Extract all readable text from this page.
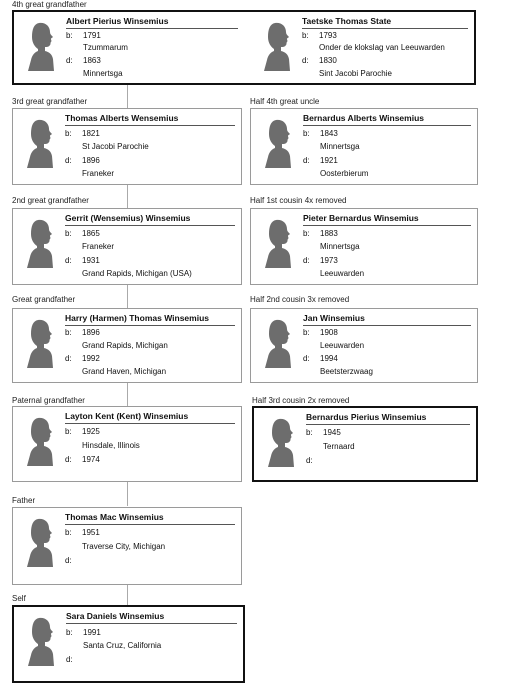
4th great grandfather
Albert Pierius Winsemius
b: 1791
Tzummarum
d: 1863
Minnertsga
Taetske Thomas State
b: 1793
Onder de klokslag van Leeuwarden
d: 1830
Sint Jacobi Parochie
3rd great grandfather
Thomas Alberts Wensemius
b: 1821
St Jacobi Parochie
d: 1896
Franeker
Half 4th great uncle
Bernardus Alberts Winsemius
b: 1843
Minnertsga
d: 1921
Oosterbierum
2nd great grandfather
Gerrit (Wensemius) Winsemius
b: 1865
Franeker
d: 1931
Grand Rapids, Michigan (USA)
Half 1st cousin 4x removed
Pieter Bernardus Winsemius
b: 1883
Minnertsga
d: 1973
Leeuwarden
Great grandfather
Harry (Harmen) Thomas Winsemius
b: 1896
Grand Rapids, Michigan
d: 1992
Grand Haven, Michigan
Half 2nd cousin 3x removed
Jan Winsemius
b: 1908
Leeuwarden
d: 1994
Beetsterzwaag
Paternal grandfather
Layton Kent (Kent) Winsemius
b: 1925
Hinsdale, Illinois
d: 1974
Half 3rd cousin 2x removed
Bernardus Pierius Winsemius
b: 1945
Ternaard
d:
Father
Thomas Mac Winsemius
b: 1951
Traverse City, Michigan
d:
Self
Sara Daniels Winsemius
b: 1991
Santa Cruz, California
d:
